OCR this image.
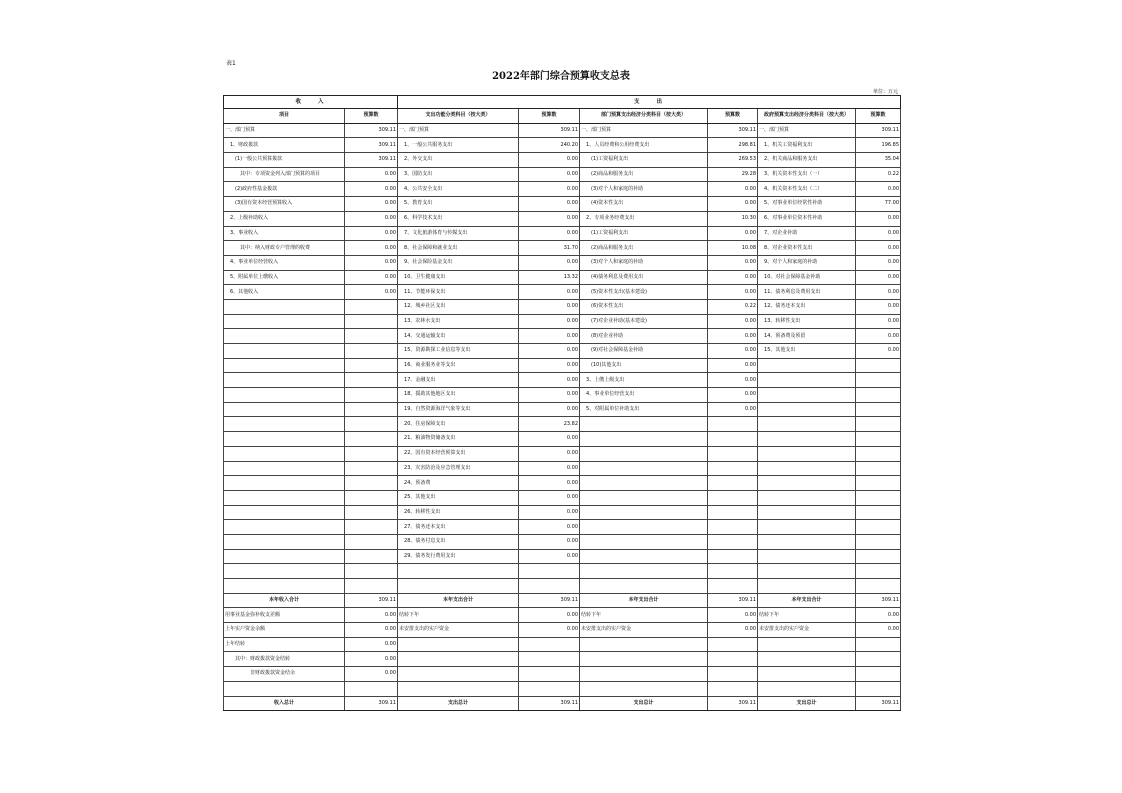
表1
2022年部门综合预算收支总表
单位：万元
收　　入		支　　出					
项目	预算数	支出功能分类科目（按大类）	预算数	部门预算支出经济分类科目（按大类）	预算数	政府预算支出经济分类科目（按大类）	预算数
一、部门预算	309.11	一、部门预算	309.11	一、部门预算	309.11	一、部门预算	309.11
　1、财政拨款	309.11	　1、一般公共服务支出	240.20	　1、人员经费和公用经费支出	298.81	　1、机关工资福利支出	196.85
　　(1)一般公共预算拨款	309.11	　2、外交支出	0.00	　　(1)工资福利支出	269.53	　2、机关商品和服务支出	35.04
　　　其中：专项资金列入部门预算的项目	0.00	　3、国防支出	0.00	　　(2)商品和服务支出	29.28	　3、机关资本性支出（一）	0.22
　　(2)政府性基金拨款	0.00	　4、公共安全支出	0.00	　　(3)对个人和家庭的补助	0.00	　4、机关资本性支出（二）	0.00
　　(3)国有资本经营预算收入	0.00	　5、教育支出	0.00	　　(4)资本性支出	0.00	　5、对事业单位经常性补助	77.00
　2、上级补助收入	0.00	　6、科学技术支出	0.00	　2、专项业务经费支出	10.30	　6、对事业单位资本性补助	0.00
　3、事业收入	0.00	　7、文化旅游体育与传媒支出	0.00	　　(1)工资福利支出	0.00	　7、对企业补助	0.00
　　　其中：纳入财政专户管理的收费	0.00	　8、社会保障和就业支出	31.70	　　(2)商品和服务支出	10.08	　8、对企业资本性支出	0.00
　4、事业单位经营收入	0.00	　9、社会保险基金支出	0.00	　　(3)对个人和家庭的补助	0.00	　9、对个人和家庭的补助	0.00
　5、附属单位上缴收入	0.00	　10、卫生健康支出	13.32	　　(4)债务利息及费用支出	0.00	　10、对社会保障基金补助	0.00
　6、其他收入	0.00	　11、节能环保支出	0.00	　　(5)资本性支出(基本建设)	0.00	　11、债务利息及费用支出	0.00
		　12、城乡社区支出	0.00	　　(6)资本性支出	0.22	　12、债务还本支出	0.00
		　13、农林水支出	0.00	　　(7)对企业补助(基本建设)	0.00	　13、转移性支出	0.00
		　14、交通运输支出	0.00	　　(8)对企业补助	0.00	　14、预备费及预留	0.00
		　15、资源勘探工业信息等支出	0.00	　　(9)对社会保障基金补助	0.00	　15、其他支出	0.00
		　16、商业服务业等支出	0.00	　　(10)其他支出	0.00		
		　17、金融支出	0.00	　3、上缴上级支出	0.00		
		　18、援助其他地区支出	0.00	　4、事业单位经营支出	0.00		
		　19、自然资源海洋气象等支出	0.00	　5、对附属单位补助支出	0.00		
		　20、住房保障支出	23.82				
		　21、粮油物资储备支出	0.00				
		　22、国有资本经营预算支出	0.00				
		　23、灾害防治及应急管理支出	0.00				
		　24、预备费	0.00				
		　25、其他支出	0.00				
		　26、转移性支出	0.00				
		　27、债务还本支出	0.00				
		　28、债务付息支出	0.00				
		　29、债务发行费用支出	0.00				

本年收入合计	309.11	本年支出合计	309.11	本年支出合计	309.11	本年支出合计	309.11
用事业基金弥补收支差额	0.00	结转下年	0.00	结转下年	0.00	结转下年	0.00
上年实户资金余额	0.00	未安排支出的实户资金	0.00	未安排支出的实户资金	0.00	未安排支出的实户资金	0.00
上年结转	0.00						
　　其中：财政拨款资金结转	0.00						
　　　　　非财政拨款资金结余	0.00						

收入总计	309.11	支出总计	309.11	支出总计	309.11	支出总计	309.11
